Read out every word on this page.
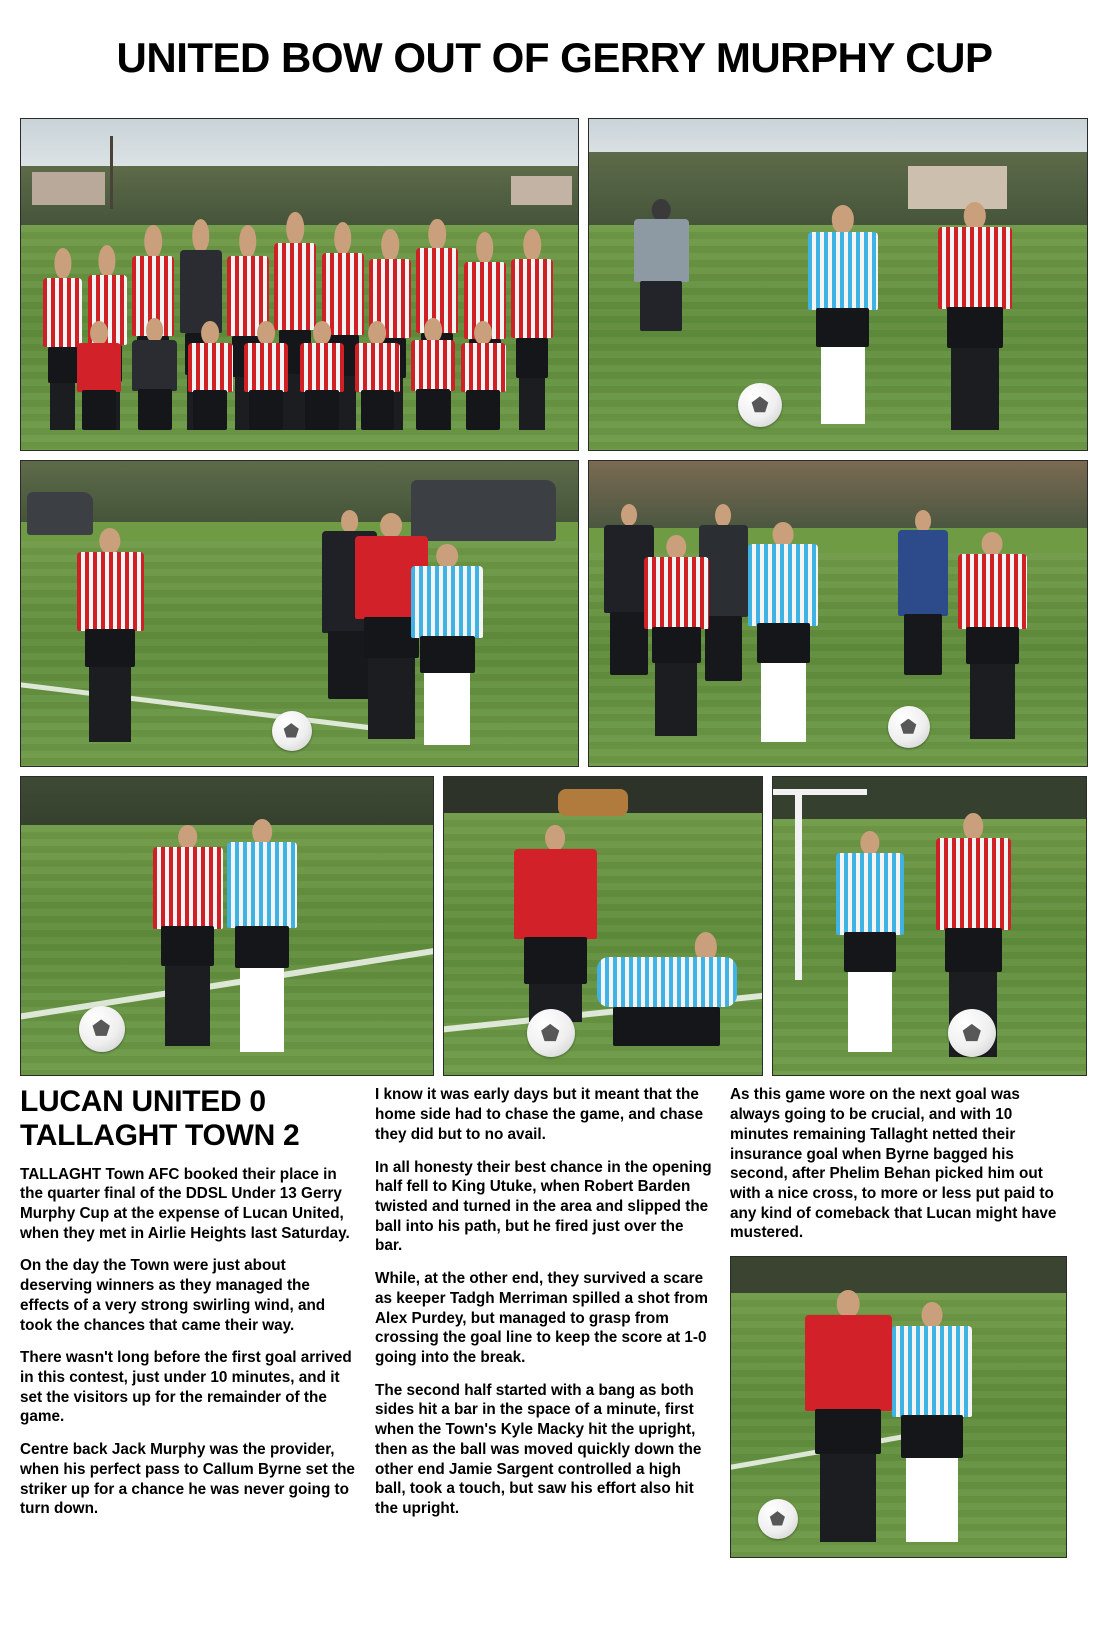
UNITED BOW OUT OF GERRY MURPHY CUP
LUCAN UNITED 0 TALLAGHT TOWN 2

TALLAGHT Town AFC booked their place in the quarter final of the DDSL Under 13 Gerry Murphy Cup at the expense of Lucan United, when they met in Airlie Heights last Saturday.

On the day the Town were just about deserving winners as they managed the effects of a very strong swirling wind, and took the chances that came their way.

There wasn't long before the first goal arrived in this contest, just under 10 minutes, and it set the visitors up for the remainder of the game.

Centre back Jack Murphy was the provider, when his perfect pass to Callum Byrne set the striker up for a chance he was never going to turn down.

I know it was early days but it meant that the home side had to chase the game, and chase they did but to no avail.

In all honesty their best chance in the opening half fell to King Utuke, when Robert Barden twisted and turned in the area and slipped the ball into his path, but he fired just over the bar.

While, at the other end, they survived a scare as keeper Tadgh Merriman spilled a shot from Alex Purdey, but managed to grasp from crossing the goal line to keep the score at 1-0 going into the break.

The second half started with a bang as both sides hit a bar in the space of a minute, first when the Town's Kyle Macky hit the upright, then as the ball was moved quickly down the other end Jamie Sargent controlled a high ball, took a touch, but saw his effort also hit the upright.

As this game wore on the next goal was always going to be crucial, and with 10 minutes remaining Tallaght netted their insurance goal when Byrne bagged his second, after Phelim Behan picked him out with a nice cross, to more or less put paid to any kind of comeback that Lucan might have mustered.
